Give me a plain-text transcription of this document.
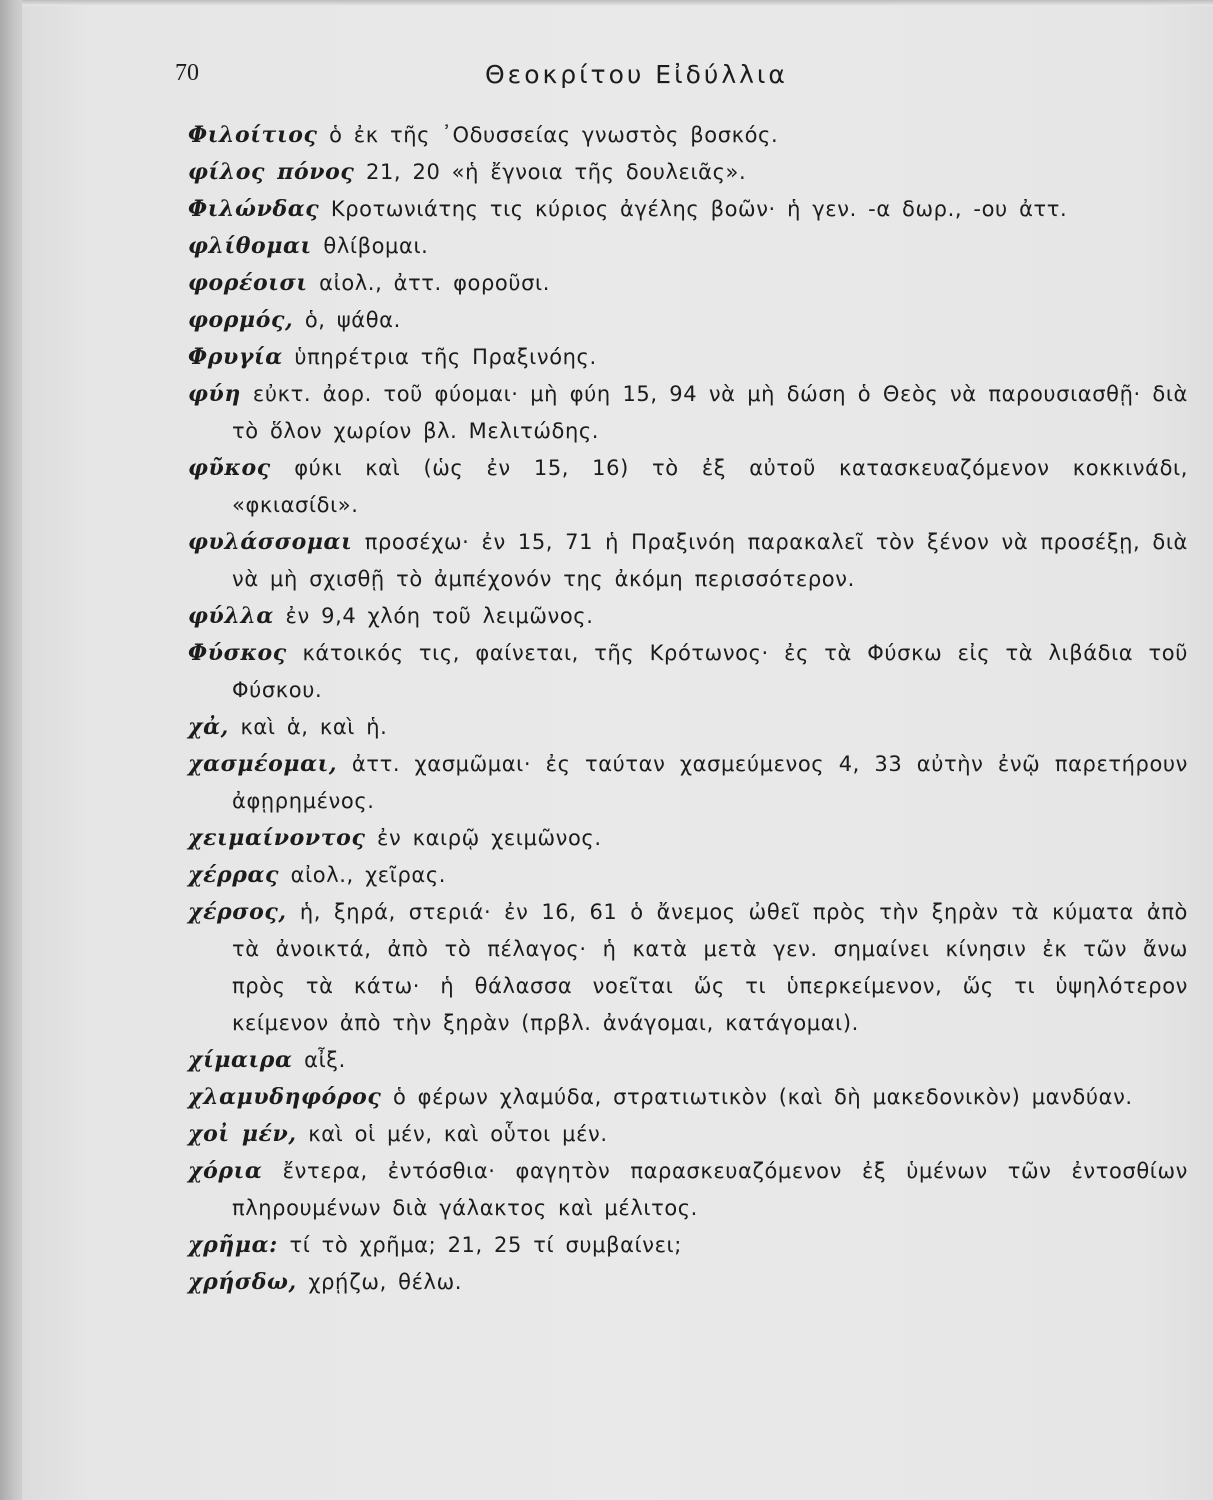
70	Θεοκρίτου Εἰδύλλια
Φιλοίτιος ὁ ἐκ τῆς ᾿Οδυσσείας γνωστὸς βοσκός.
φίλος πόνος 21, 20 «ἡ ἔγνοια τῆς δουλειᾶς».
Φιλώνδας Κροτωνιάτης τις κύριος ἀγέλης βοῶν· ἡ γεν. -α δωρ., -ου ἀττ.
φλίθομαι θλίβομαι.
φορέοισι αἰολ., ἀττ. φοροῦσι.
φορμός, ὁ, ψάθα.
Φρυγία ὑπηρέτρια τῆς Πραξινόης.
φύη εὐκτ. ἀορ. τοῦ φύομαι· μὴ φύη 15, 94 νὰ μὴ δώση ὁ Θεὸς νὰ παρουσιασθῇ· διὰ τὸ ὅλον χωρίον βλ. Μελιτώδης.
φῦκος φύκι καὶ (ὡς ἐν 15, 16) τὸ ἐξ αὐτοῦ κατασκευαζόμενον κοκκινάδι, «φκιασίδι».
φυλάσσομαι προσέχω· ἐν 15, 71 ἡ Πραξινόη παρακαλεῖ τὸν ξένον νὰ προσέξῃ, διὰ νὰ μὴ σχισθῇ τὸ ἀμπέχονόν της ἀκόμη περισσότερον.
φύλλα ἐν 9,4 χλόη τοῦ λειμῶνος.
Φύσκος κάτοικός τις, φαίνεται, τῆς Κρότωνος· ἐς τὰ Φύσκω εἰς τὰ λιβάδια τοῦ Φύσκου.
χἀ, καὶ ἁ, καὶ ἡ.
χασμέομαι, ἀττ. χασμῶμαι· ἐς ταύταν χασμεύμενος 4, 33 αὐτὴν ἐνῷ παρετήρουν ἀφῃρημένος.
χειμαίνοντος ἐν καιρῷ χειμῶνος.
χέρρας αἰολ., χεῖρας.
χέρσος, ἡ, ξηρά, στεριά· ἐν 16, 61 ὁ ἄνεμος ὠθεῖ πρὸς τὴν ξηρὰν τὰ κύματα ἀπὸ τὰ ἀνοικτά, ἀπὸ τὸ πέλαγος· ἡ κατὰ μετὰ γεν. σημαίνει κίνησιν ἐκ τῶν ἄνω πρὸς τὰ κάτω· ἡ θάλασσα νοεῖται ὥς τι ὑπερκείμενον, ὥς τι ὑψηλότερον κείμενον ἀπὸ τὴν ξηρὰν (πρβλ. ἀνάγομαι, κατάγομαι).
χίμαιρα αἶξ.
χλαμυδηφόρος ὁ φέρων χλαμύδα, στρατιωτικὸν (καὶ δὴ μακεδονικὸν) μανδύαν.
χοἰ μέν, καὶ οἱ μέν, καὶ οὗτοι μέν.
χόρια ἔντερα, ἐντόσθια· φαγητὸν παρασκευαζόμενον ἐξ ὑμένων τῶν ἐντοσθίων πληρουμένων διὰ γάλακτος καὶ μέλιτος.
χρῆμα: τί τὸ χρῆμα; 21, 25 τί συμβαίνει;
χρήσδω, χρῄζω, θέλω.
